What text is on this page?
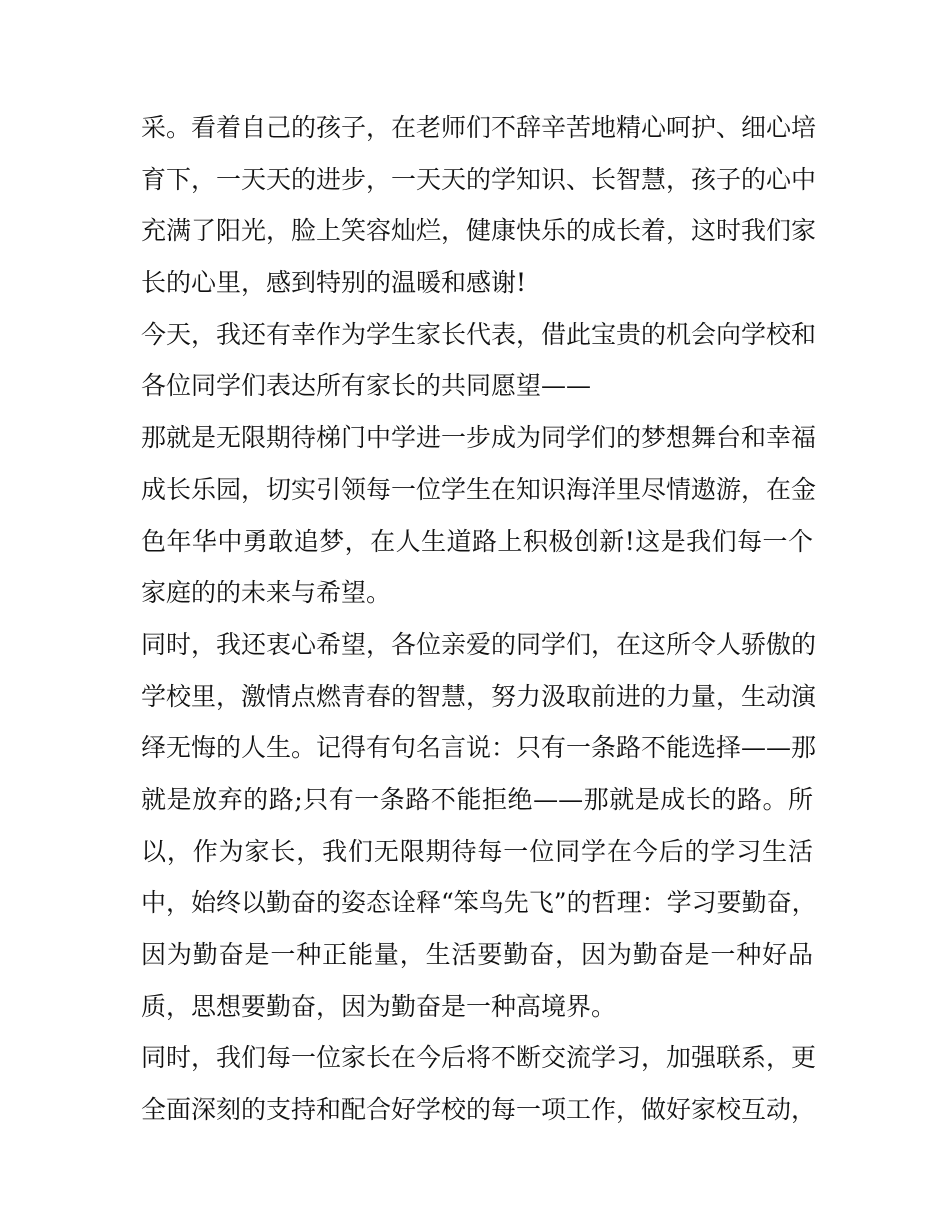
采。看着自己的孩子，在老师们不辞辛苦地精心呵护、细心培
育下，一天天的进步，一天天的学知识、长智慧，孩子的心中
充满了阳光，脸上笑容灿烂，健康快乐的成长着，这时我们家
长的心里，感到特别的温暖和感谢!
今天，我还有幸作为学生家长代表，借此宝贵的机会向学校和
各位同学们表达所有家长的共同愿望——
那就是无限期待梯门中学进一步成为同学们的梦想舞台和幸福
成长乐园，切实引领每一位学生在知识海洋里尽情遨游，在金
色年华中勇敢追梦，在人生道路上积极创新!这是我们每一个
家庭的的未来与希望。
同时，我还衷心希望，各位亲爱的同学们，在这所令人骄傲的
学校里，激情点燃青春的智慧，努力汲取前进的力量，生动演
绎无悔的人生。记得有句名言说：只有一条路不能选择——那
就是放弃的路;只有一条路不能拒绝——那就是成长的路。所
以，作为家长，我们无限期待每一位同学在今后的学习生活
中，始终以勤奋的姿态诠释“笨鸟先飞”的哲理：学习要勤奋，
因为勤奋是一种正能量，生活要勤奋，因为勤奋是一种好品
质，思想要勤奋，因为勤奋是一种高境界。
同时，我们每一位家长在今后将不断交流学习，加强联系，更
全面深刻的支持和配合好学校的每一项工作，做好家校互动，
